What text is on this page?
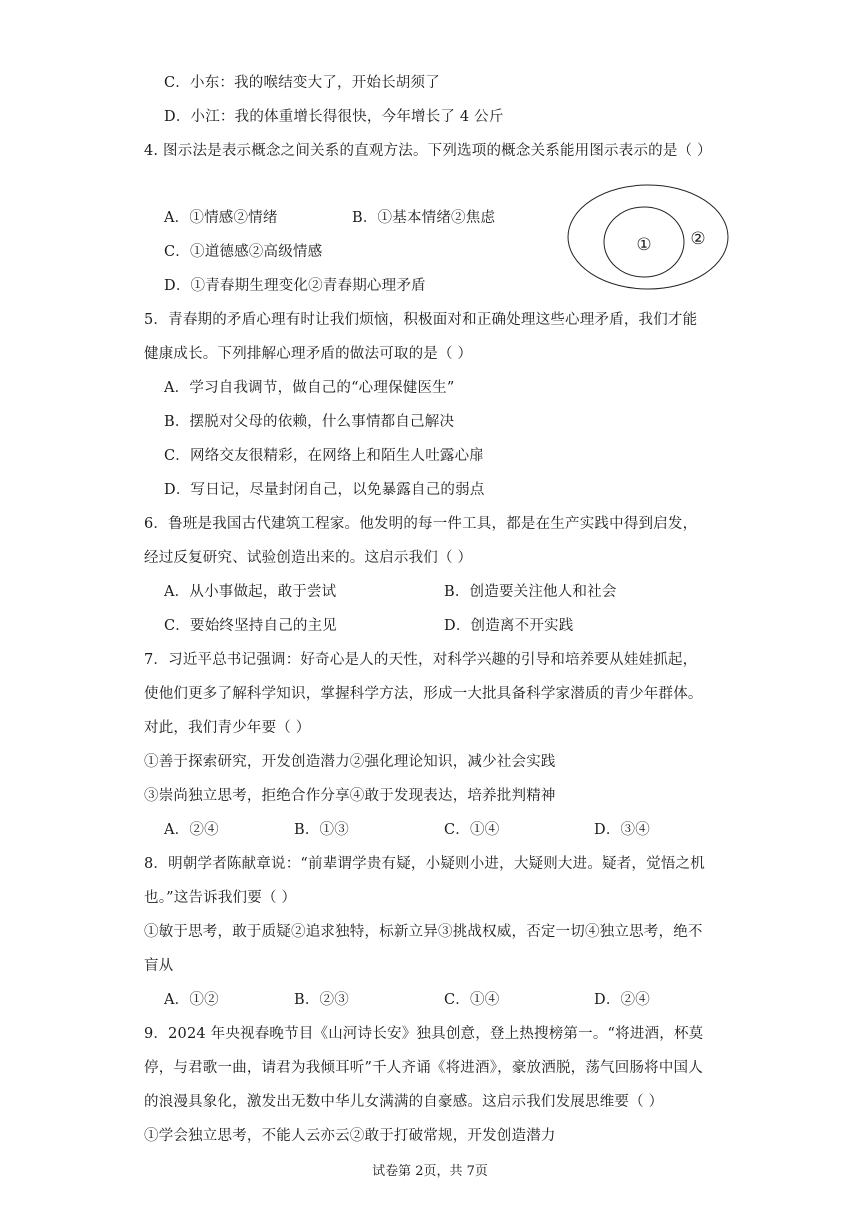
C．小东：我的喉结变大了，开始长胡须了
D．小江：我的体重增长得很快，今年增长了 4 公斤
4. 图示法是表示概念之间关系的直观方法。下列选项的概念关系能用图示表示的是（ ）
A．①情感②情绪	B．①基本情绪②焦虑
C．①道德感②高级情感
D．①青春期生理变化②青春期心理矛盾
① ②
5．青春期的矛盾心理有时让我们烦恼，积极面对和正确处理这些心理矛盾，我们才能
健康成长。下列排解心理矛盾的做法可取的是（ ）
A．学习自我调节，做自己的“心理保健医生”
B．摆脱对父母的依赖，什么事情都自己解决
C．网络交友很精彩，在网络上和陌生人吐露心扉
D．写日记，尽量封闭自己，以免暴露自己的弱点
6．鲁班是我国古代建筑工程家。他发明的每一件工具，都是在生产实践中得到启发，
经过反复研究、试验创造出来的。这启示我们（ ）
A．从小事做起，敢于尝试	B．创造要关注他人和社会
C．要始终坚持自己的主见	D．创造离不开实践
7．习近平总书记强调：好奇心是人的天性，对科学兴趣的引导和培养要从娃娃抓起，
使他们更多了解科学知识，掌握科学方法，形成一大批具备科学家潜质的青少年群体。
对此，我们青少年要（ ）
①善于探索研究，开发创造潜力②强化理论知识，减少社会实践
③崇尚独立思考，拒绝合作分享④敢于发现表达，培养批判精神
A．②④	B．①③	C．①④	D．③④
8．明朝学者陈献章说：“前辈谓学贵有疑，小疑则小进，大疑则大进。疑者，觉悟之机
也。”这告诉我们要（ ）
①敏于思考，敢于质疑②追求独特，标新立异③挑战权威，否定一切④独立思考，绝不
盲从
A．①②	B．②③	C．①④	D．②④
9．2024 年央视春晚节目《山河诗长安》独具创意，登上热搜榜第一。“将进酒，杯莫
停，与君歌一曲，请君为我倾耳听”千人齐诵《将进酒》，豪放洒脱，荡气回肠将中国人
的浪漫具象化，激发出无数中华儿女满满的自豪感。这启示我们发展思维要（ ）
①学会独立思考，不能人云亦云②敢于打破常规，开发创造潜力
试卷第 2页，共 7页
